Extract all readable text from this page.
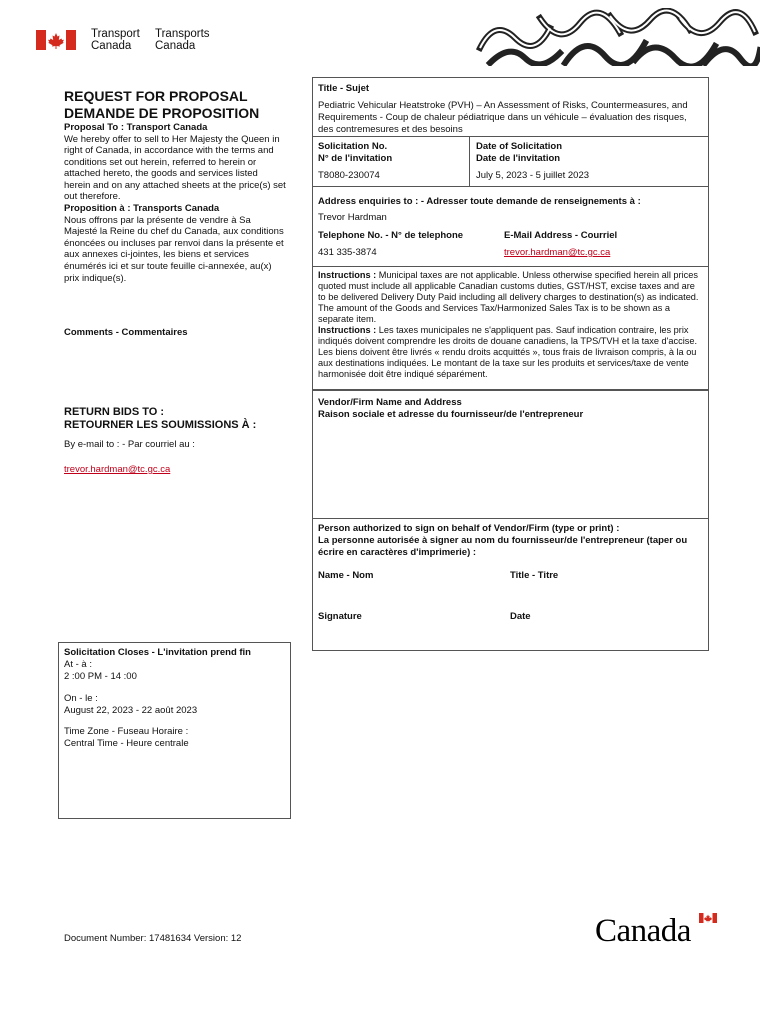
Transport
Canada
Transports
Canada
REQUEST FOR PROPOSAL
DEMANDE DE PROPOSITION
Proposal To : Transport Canada
We hereby offer to sell to Her Majesty the Queen in right of Canada, in accordance with the terms and conditions set out herein, referred to herein or attached hereto, the goods and services listed herein and on any attached sheets at the price(s) set out therefore.
Proposition à : Transports Canada
Nous offrons par la présente de vendre à Sa Majesté la Reine du chef du Canada, aux conditions énoncées ou incluses par renvoi dans la présente et aux annexes ci-jointes, les biens et services énumérés ici et sur toute feuille ci-annexée, au(x) prix indique(s).
Comments - Commentaires
RETURN BIDS TO :
RETOURNER LES SOUMISSIONS À :
By e-mail to : - Par courriel au :
trevor.hardman@tc.gc.ca
Solicitation Closes - L'invitation prend fin
At - à :
2 :00 PM - 14 :00
On - le :
August 22, 2023 - 22 août 2023
Time Zone - Fuseau Horaire :
Central Time - Heure centrale
Document Number: 17481634 Version: 12	Canada
Title - Sujet
Pediatric Vehicular Heatstroke (PVH) – An Assessment of Risks, Countermeasures, and Requirements - Coup de chaleur pédiatrique dans un véhicule – évaluation des risques, des contremesures et des besoins
Solicitation No.
N° de l'invitation
T8080-230074
Date of Solicitation
Date de l'invitation
July 5, 2023 - 5 juillet 2023
Address enquiries to : - Adresser toute demande de renseignements à :
Trevor Hardman
Telephone No. - N° de telephone
431 335-3874
E-Mail Address - Courriel
trevor.hardman@tc.gc.ca
Instructions : Municipal taxes are not applicable. Unless otherwise specified herein all prices quoted must include all applicable Canadian customs duties, GST/HST, excise taxes and are to be delivered Delivery Duty Paid including all delivery charges to destination(s) as indicated. The amount of the Goods and Services Tax/Harmonized Sales Tax is to be shown as a separate item.
Instructions : Les taxes municipales ne s'appliquent pas. Sauf indication contraire, les prix indiqués doivent comprendre les droits de douane canadiens, la TPS/TVH et la taxe d'accise. Les biens doivent être livrés « rendu droits acquittés », tous frais de livraison compris, à la ou aux destinations indiquées. Le montant de la taxe sur les produits et services/taxe de vente harmonisée doit être indiqué séparément.
Vendor/Firm Name and Address
Raison sociale et adresse du fournisseur/de l'entrepreneur
Person authorized to sign on behalf of Vendor/Firm (type or print) :
La personne autorisée à signer au nom du fournisseur/de l'entrepreneur (taper ou écrire en caractères d'imprimerie) :
Name - Nom	Title - Titre
Signature	Date
